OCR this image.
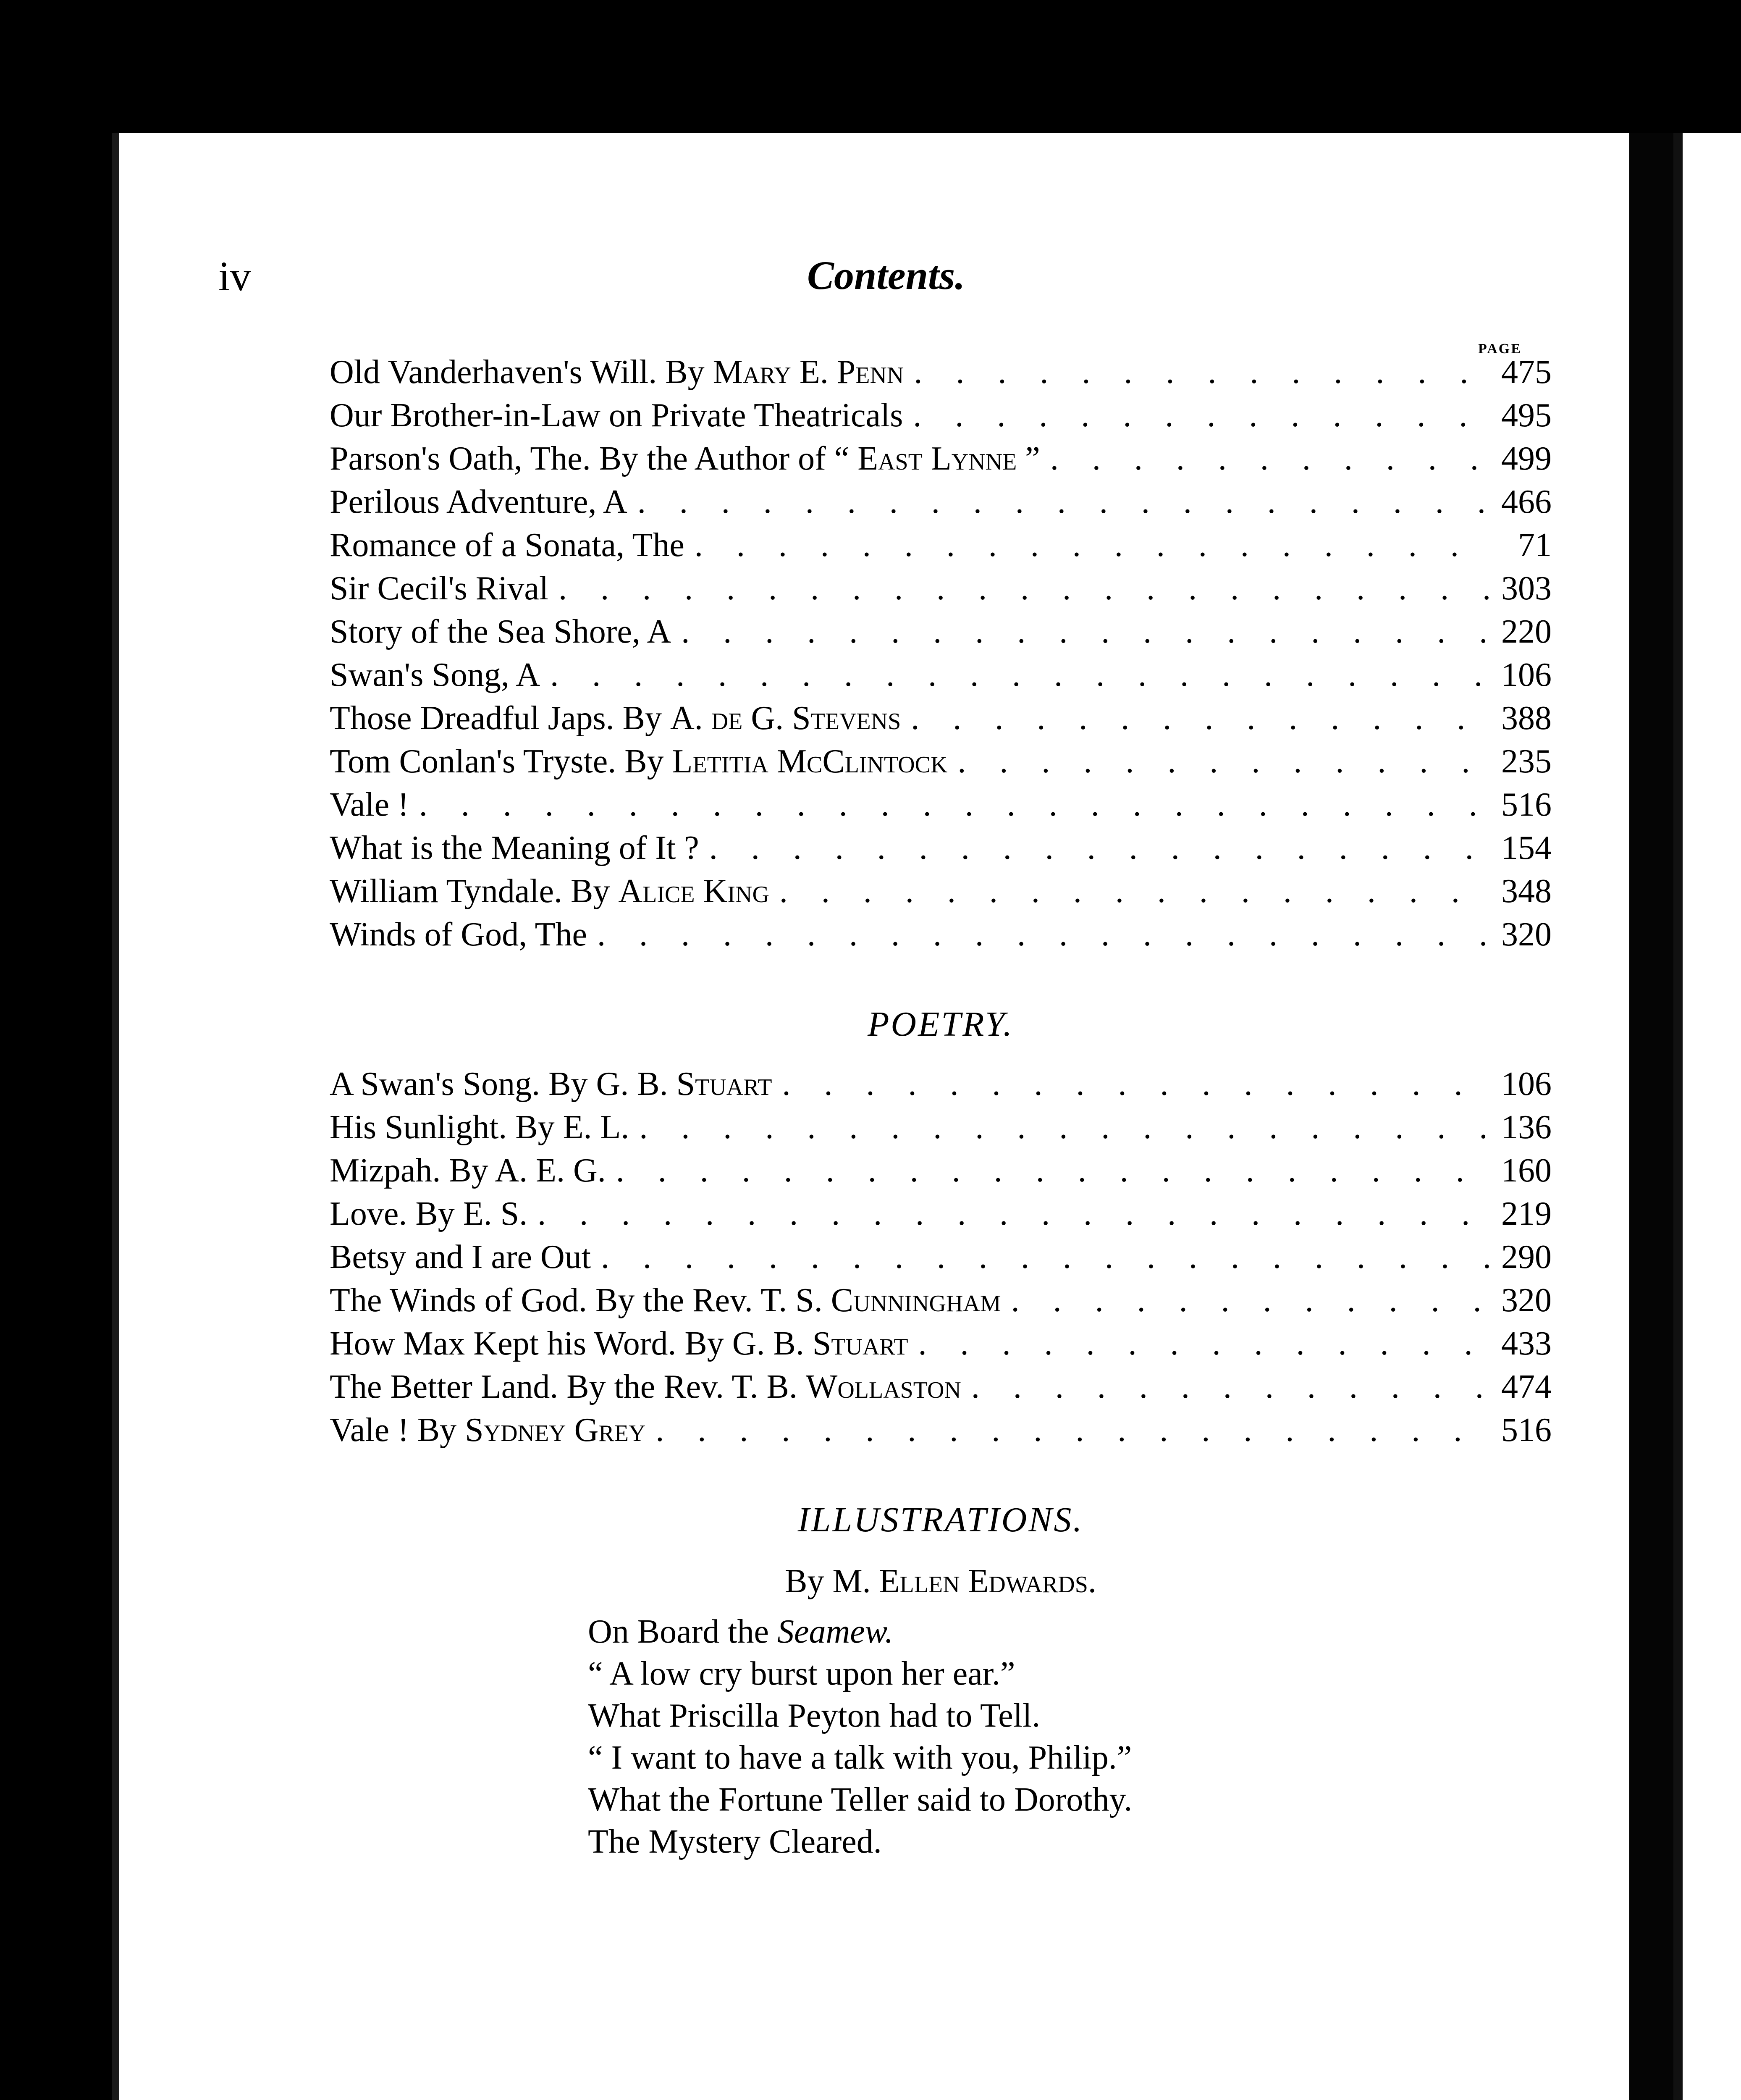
iv	Contents.
PAGE
Old Vanderhaven's Will. By Mary E. Penn . . .	475
Our Brother-in-Law on Private Theatricals . . .	495
Parson's Oath, The. By the Author of “ East Lynne ” . . .	499
Perilous Adventure, A . . .	466
Romance of a Sonata, The . . .	71
Sir Cecil's Rival . . .	303
Story of the Sea Shore, A . . .	220
Swan's Song, A . . .	106
Those Dreadful Japs. By A. de G. Stevens . . .	388
Tom Conlan's Tryste. By Letitia McClintock . . .	235
Vale ! . . .	516
What is the Meaning of It ? . . .	154
William Tyndale. By Alice King . . .	348
Winds of God, The . . .	320
POETRY.
A Swan's Song. By G. B. Stuart . . .	106
His Sunlight. By E. L. . . .	136
Mizpah. By A. E. G. . . .	160
Love. By E. S. . . .	219
Betsy and I are Out . . .	290
The Winds of God. By the Rev. T. S. Cunningham . . .	320
How Max Kept his Word. By G. B. Stuart . . .	433
The Better Land. By the Rev. T. B. Wollaston . . .	474
Vale ! By Sydney Grey . . .	516
ILLUSTRATIONS.
By M. Ellen Edwards.
On Board the Seamew.
“ A low cry burst upon her ear.”
What Priscilla Peyton had to Tell.
“ I want to have a talk with you, Philip.”
What the Fortune Teller said to Dorothy.
The Mystery Cleared.
